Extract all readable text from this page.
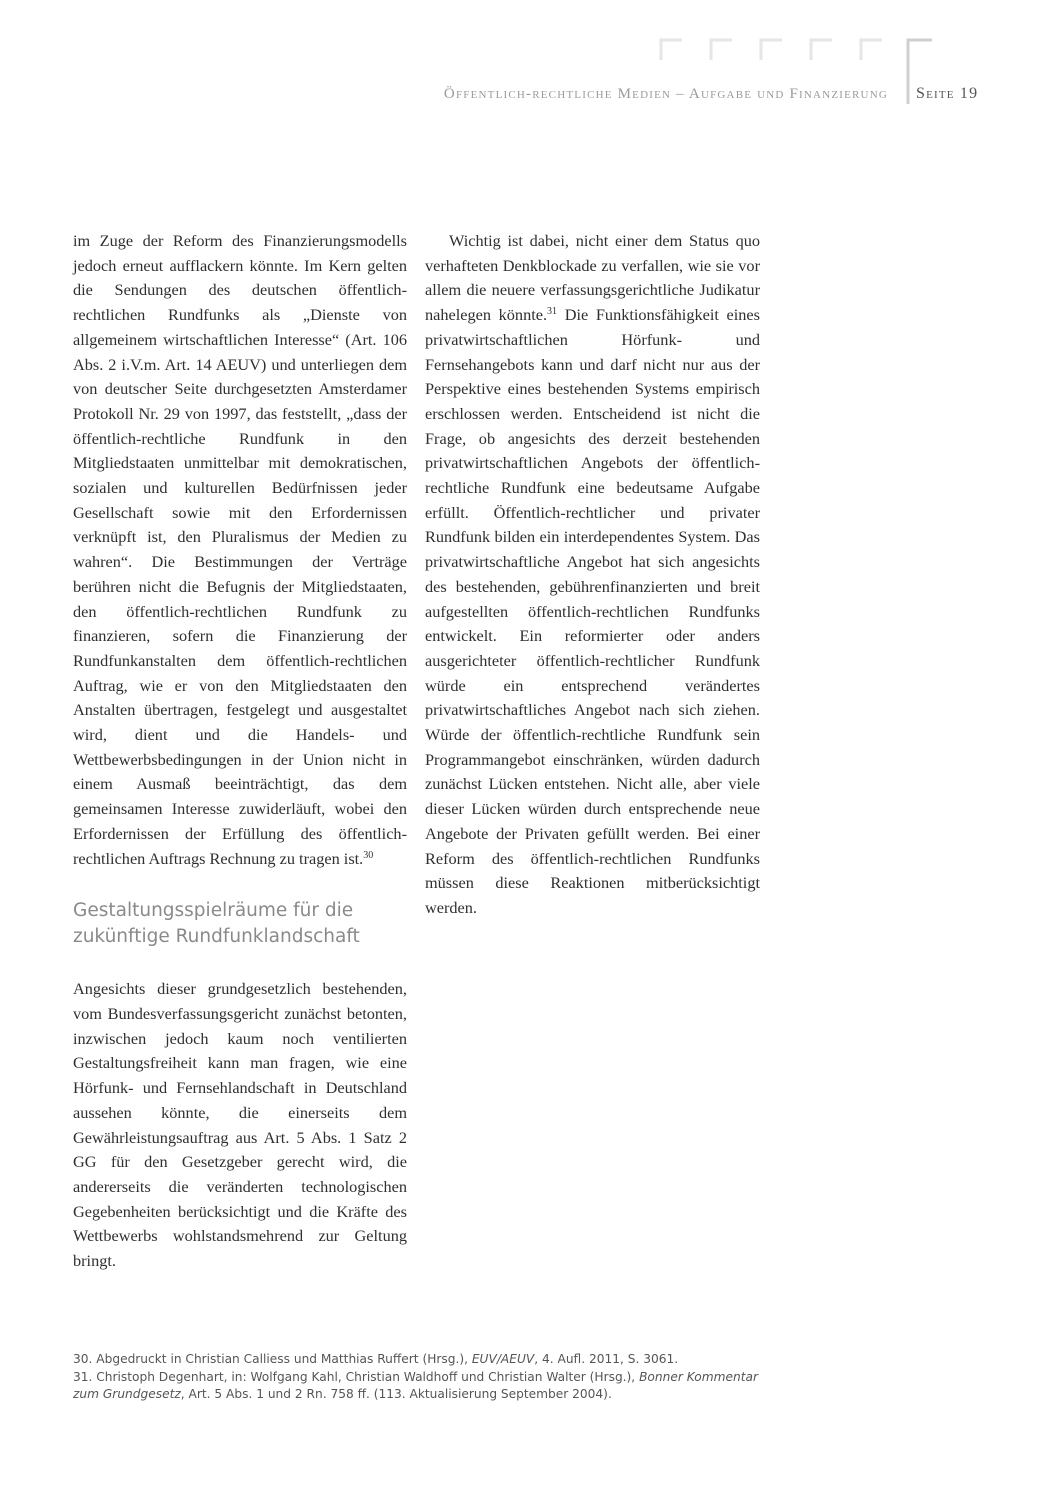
Öffentlich-rechtliche Medien – Aufgabe und Finanzierung Seite 19

im Zuge der Reform des Finanzierungsmodells jedoch erneut aufflackern könnte. Im Kern gelten die Sendungen des deutschen öffentlich-rechtlichen Rundfunks als „Dienste von allgemeinem wirtschaftlichen Interesse“ (Art. 106 Abs. 2 i.V.m. Art. 14 AEUV) und unterliegen dem von deutscher Seite durchgesetzten Amsterdamer Protokoll Nr. 29 von 1997, das feststellt, „dass der öffentlich-rechtliche Rundfunk in den Mitgliedstaaten unmittelbar mit demokratischen, sozialen und kulturellen Bedürfnissen jeder Gesellschaft sowie mit den Erfordernissen verknüpft ist, den Pluralismus der Medien zu wahren“. Die Bestimmungen der Verträge berühren nicht die Befugnis der Mitgliedstaaten, den öffentlich-rechtlichen Rundfunk zu finanzieren, sofern die Finanzierung der Rundfunkanstalten dem öffentlich-rechtlichen Auftrag, wie er von den Mitgliedstaaten den Anstalten übertragen, festgelegt und ausgestaltet wird, dient und die Handels- und Wettbewerbsbedingungen in der Union nicht in einem Ausmaß beeinträchtigt, das dem gemeinsamen Interesse zuwiderläuft, wobei den Erfordernissen der Erfüllung des öffentlich-rechtlichen Auftrags Rechnung zu tragen ist.$^{30}$

Gestaltungsspielräume für die zukünftige Rundfunklandschaft

Angesichts dieser grundgesetzlich bestehenden, vom Bundesverfassungsgericht zunächst betonten, inzwischen jedoch kaum noch ventilierten Gestaltungsfreiheit kann man fragen, wie eine Hörfunk- und Fernsehlandschaft in Deutschland aussehen könnte, die einerseits dem Gewährleistungsauftrag aus Art. 5 Abs. 1 Satz 2 GG für den Gesetzgeber gerecht wird, die andererseits die veränderten technologischen Gegebenheiten berücksichtigt und die Kräfte des Wettbewerbs wohlstandsmehrend zur Geltung bringt.

Wichtig ist dabei, nicht einer dem Status quo verhafteten Denkblockade zu verfallen, wie sie vor allem die neuere verfassungsgerichtliche Judikatur nahelegen könnte.$^{31}$ Die Funktionsfähigkeit eines privatwirtschaftlichen Hörfunk- und Fernsehangebots kann und darf nicht nur aus der Perspektive eines bestehenden Systems empirisch erschlossen werden. Entscheidend ist nicht die Frage, ob angesichts des derzeit bestehenden privatwirtschaftlichen Angebots der öffentlich-rechtliche Rundfunk eine bedeutsame Aufgabe erfüllt. Öffentlich-rechtlicher und privater Rundfunk bilden ein interdependentes System. Das privatwirtschaftliche Angebot hat sich angesichts des bestehenden, gebührenfinanzierten und breit aufgestellten öffentlich-rechtlichen Rundfunks entwickelt. Ein reformierter oder anders ausgerichteter öffentlich-rechtlicher Rundfunk würde ein entsprechend verändertes privatwirtschaftliches Angebot nach sich ziehen. Würde der öffentlich-rechtliche Rundfunk sein Programmangebot einschränken, würden dadurch zunächst Lücken entstehen. Nicht alle, aber viele dieser Lücken würden durch entsprechende neue Angebote der Privaten gefüllt werden. Bei einer Reform des öffentlich-rechtlichen Rundfunks müssen diese Reaktionen mitberücksichtigt werden.

30. Abgedruckt in Christian Calliess und Matthias Ruffert (Hrsg.), EUV/AEUV, 4. Aufl. 2011, S. 3061.
31. Christoph Degenhart, in: Wolfgang Kahl, Christian Waldhoff und Christian Walter (Hrsg.), Bonner Kommentar zum Grundgesetz, Art. 5 Abs. 1 und 2 Rn. 758 ff. (113. Aktualisierung September 2004).
